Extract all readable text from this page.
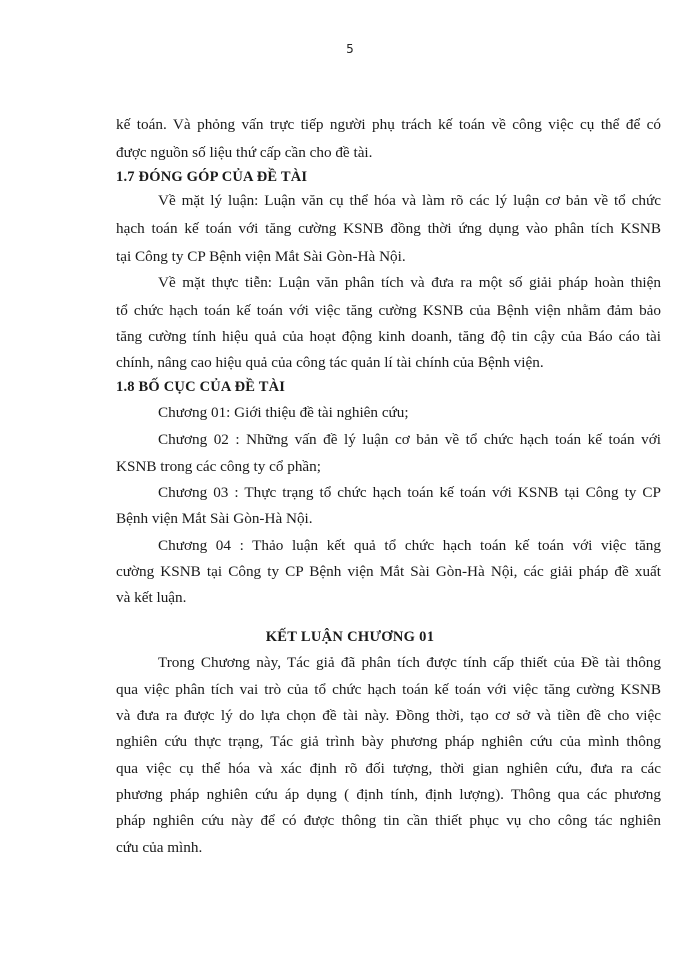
5
kế toán. Và phỏng vấn trực tiếp người phụ trách kế toán về công việc cụ thể để có
được nguồn số liệu thứ cấp cần cho đề tài.
1.7 ĐÓNG GÓP CỦA ĐỀ TÀI
Về mặt lý luận: Luận văn cụ thể hóa và làm rõ các lý luận cơ bản về tổ chức
hạch toán kế toán với tăng cường KSNB đồng thời ứng dụng vào phân tích KSNB
tại Công ty CP Bệnh viện Mắt Sài Gòn-Hà Nội.
Về mặt thực tiễn: Luận văn phân tích và đưa ra một số giải pháp hoàn thiện
tổ chức hạch toán kế toán với việc tăng cường KSNB của Bệnh viện nhằm đảm bảo
tăng cường tính hiệu quả của hoạt động kinh doanh, tăng độ tin cậy của Báo cáo tài
chính, nâng cao hiệu quả của công tác quản lí tài chính của Bệnh viện.
1.8 BỐ CỤC CỦA ĐỀ TÀI
Chương 01: Giới thiệu đề tài nghiên cứu;
Chương 02 : Những vấn đề lý luận cơ bản về tổ chức hạch toán kế toán với
KSNB trong các công ty cổ phần;
Chương 03 : Thực trạng tổ chức hạch toán kế toán với KSNB tại Công ty CP
Bệnh viện Mắt Sài Gòn-Hà Nội.
Chương 04 : Thảo luận kết quả tổ chức hạch toán kế toán với việc tăng
cường KSNB tại Công ty CP Bệnh viện Mắt Sài Gòn-Hà Nội, các giải pháp đề xuất
và kết luận.
KẾT LUẬN CHƯƠNG 01
Trong Chương này, Tác giả đã phân tích được tính cấp thiết của Đề tài thông
qua việc phân tích vai trò của tổ chức hạch toán kế toán với việc tăng cường KSNB
và đưa ra được lý do lựa chọn đề tài này. Đồng thời, tạo cơ sở và tiền đề cho việc
nghiên cứu thực trạng, Tác giả trình bày phương pháp nghiên cứu của mình thông
qua việc cụ thể hóa và xác định rõ đối tượng, thời gian nghiên cứu, đưa ra các
phương pháp nghiên cứu áp dụng ( định tính, định lượng). Thông qua các phương
pháp nghiên cứu này để có được thông tin cần thiết phục vụ cho công tác nghiên
cứu của mình.
